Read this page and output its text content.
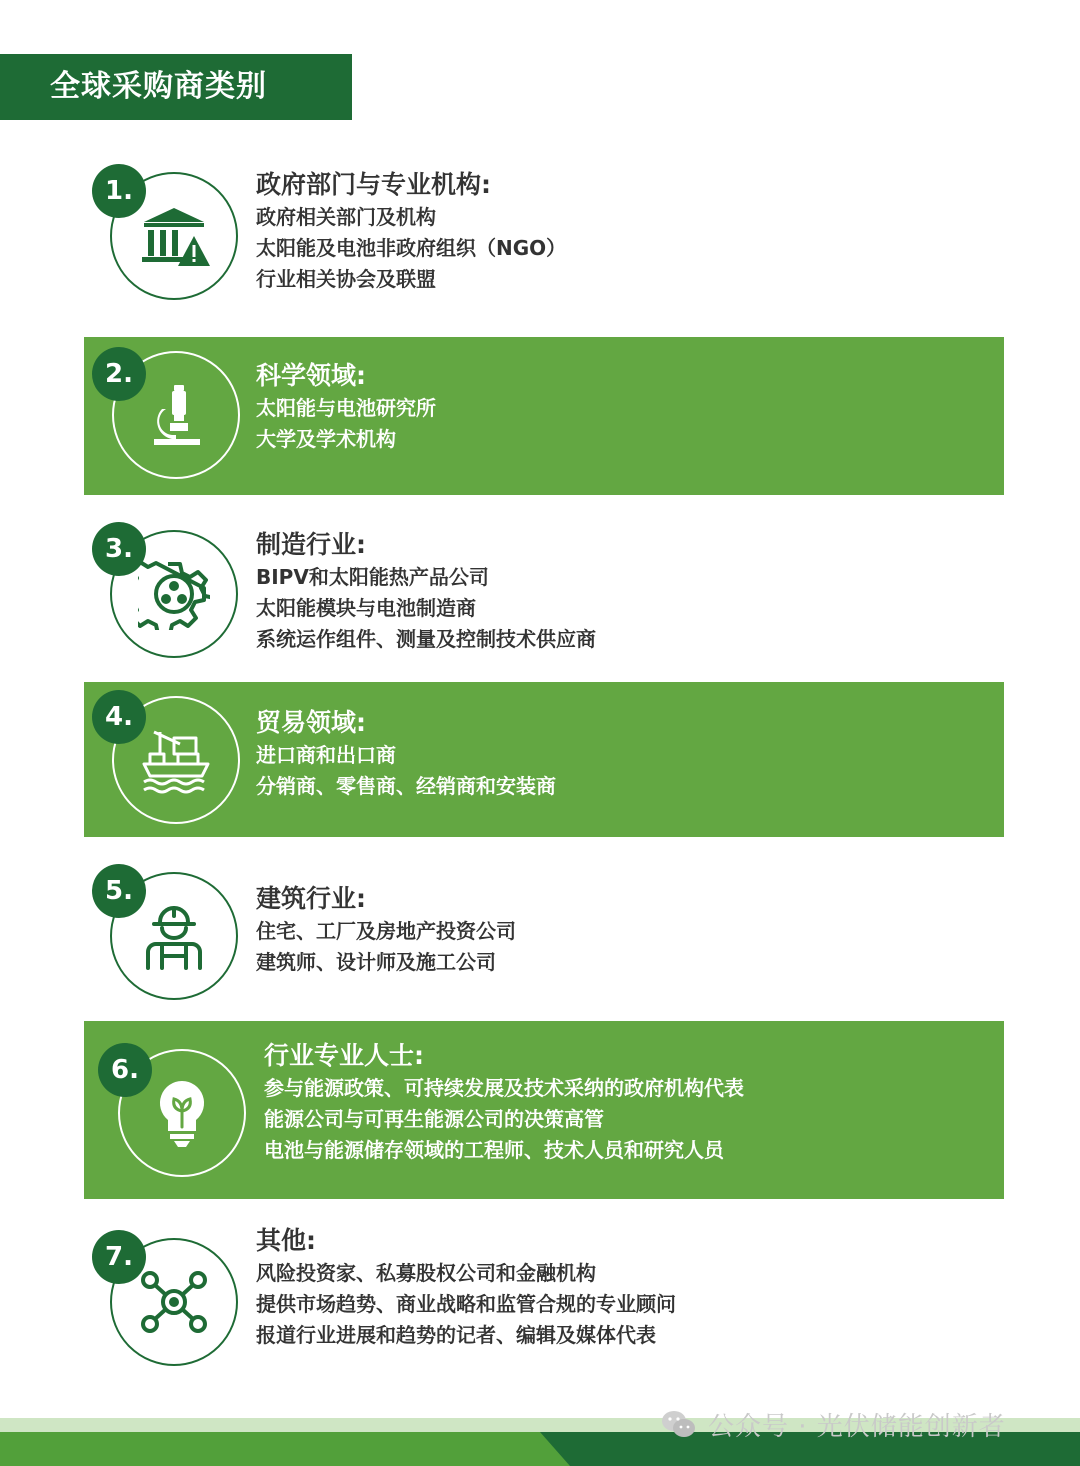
全球采购商类别
1.	政府部门与专业机构:
政府相关部门及机构
太阳能及电池非政府组织（NGO）
行业相关协会及联盟
2.	科学领域:
太阳能与电池研究所
大学及学术机构
3.	制造行业:
BIPV和太阳能热产品公司
太阳能模块与电池制造商
系统运作组件、测量及控制技术供应商
4.	贸易领域:
进口商和出口商
分销商、零售商、经销商和安装商
5.	建筑行业:
住宅、工厂及房地产投资公司
建筑师、设计师及施工公司
6.	行业专业人士:
参与能源政策、可持续发展及技术采纳的政府机构代表
能源公司与可再生能源公司的决策高管
电池与能源储存领域的工程师、技术人员和研究人员
7.
其他:
风险投资家、私募股权公司和金融机构
提供市场趋势、商业战略和监管合规的专业顾问
报道行业进展和趋势的记者、编辑及媒体代表
公众号 · 光伏储能创新者
